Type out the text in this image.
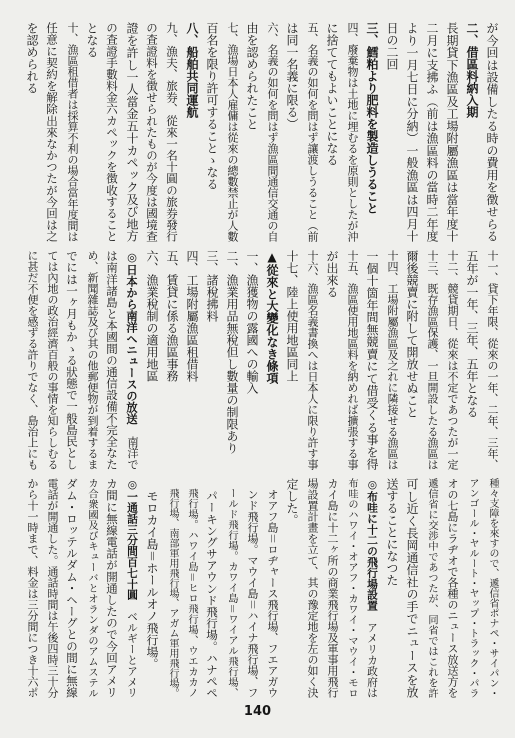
が今回は設備したる時の費用を徴せらる
二、借區料納入期
長期貸下漁區及工場附屬漁區は當年度十
二月に支拂ふ（前は漁區料の當時二年度
より一月七日に分納）一般漁區は四月十
日の二回
三、鱈粕より肥料を製造しうること
四、廢棄物は土地に埋むるを原則としたが沖
に捨ててもよいことになる
五、名義の如何を問はず讓渡しうること（前
は同一名義に限る）
六、名義の如何を問はず漁區間通信交通の自
由を認められたこと
七、漁場日本人雇傭は從來の總數禁止が人數
百名を限り許可することゝなる
八、船舶共同運航
九、漁夫、旅券、從來一名十圓の旅券發行
の査證料を徴せられたものが今度は國境查
證を許し一人當金五十カペック及び地方
の査證手數料金六カペックを徴收すること
となる
十、漁區租借者は採算不利の場合當年度間は
任意に契約を解除出來なかつたが今回は之
を認められる
十一、貸下年限、從來の一年、二年、三年、
五年が一年、三年、五年となる
十二、競貸期日、從來は不定であつたが一定
十三、既存漁區保護、一旦開設したる漁區は
爾後競賣に附して開放せぬこと
十四、工場附屬漁區及之れに隣接せる漁區は
一個十箇年間無競賣にて借受くる事を得
十五、漁區使用地區料を納めれば擴張する事
が出來る
十六、漁區名義書換へは日本人に限り許す事
十七、陸上使用地區同上
▲從來と大變化なき條項
一、漁獲物の露國への輸入
二、漁業用品無稅但し數量の制限あり
三、諸稅拂料
四、工場附屬漁區租借料
五、賃貸に係る漁區事務
六、漁業稅制の適用地區
◎日本から南洋へニュースの放送　南洋で
は南洋諸島と本國間の通信設備不完全なた
め、新聞雜誌及び其の他郵便物が到着するま
でには一ヶ月もかゝる狀態で一般島民とし
ては內地の政治經濟百般の事情を知らしむる
に甚だ不便を感ずる許りでなく、島治上にも
種々支障を來すので、遞信省ポナペ・サイパン・
アンゴール・ヤルート・ヤップ・トラック・パラ
オの七島にラヂオで各種のニュース放送方を
遞信省に交渉中であつたが、同省ではこれを許
可し近く長岡通信社の手でニュースを放
送することになつた
◎布哇に十二の飛行場設置　アメリカ政府は
布哇のハワイ・オアフ・カワイ・マウイ・モロ
カイ島に十二ヶ所の商業飛行場及軍事用飛行
場設置計畫を立て、其の豫定地を左の如く決
定した。
オアフ島＝ロヂャース飛行場、フエアガウ
ンド飛行場。マウイ島＝ハイナ飛行場、フ
ールド飛行場。カワイ島＝ワイアル飛行場、
パーキングサアウンド飛行場。ハナペペ
飛行場。ハワイ島＝ヒロ飛行場、ウエカカノ
飛行場、南部軍用飛行場、アガム軍用飛行場。
モロカイ島＝ホールオノ飛行場。
◎一通話三分間百七十圓　ベルギーとアメリ
カ間に無線電話が開通したので今回アメリ
カ合衆國及びキューバとオランダのアムステル
ダム・ロッテルダム・ヘーグとの間に無線
電話が開通した。通話時間は午後四時三十分
から十一時まで、料金は三分間につき十六ポ
140
